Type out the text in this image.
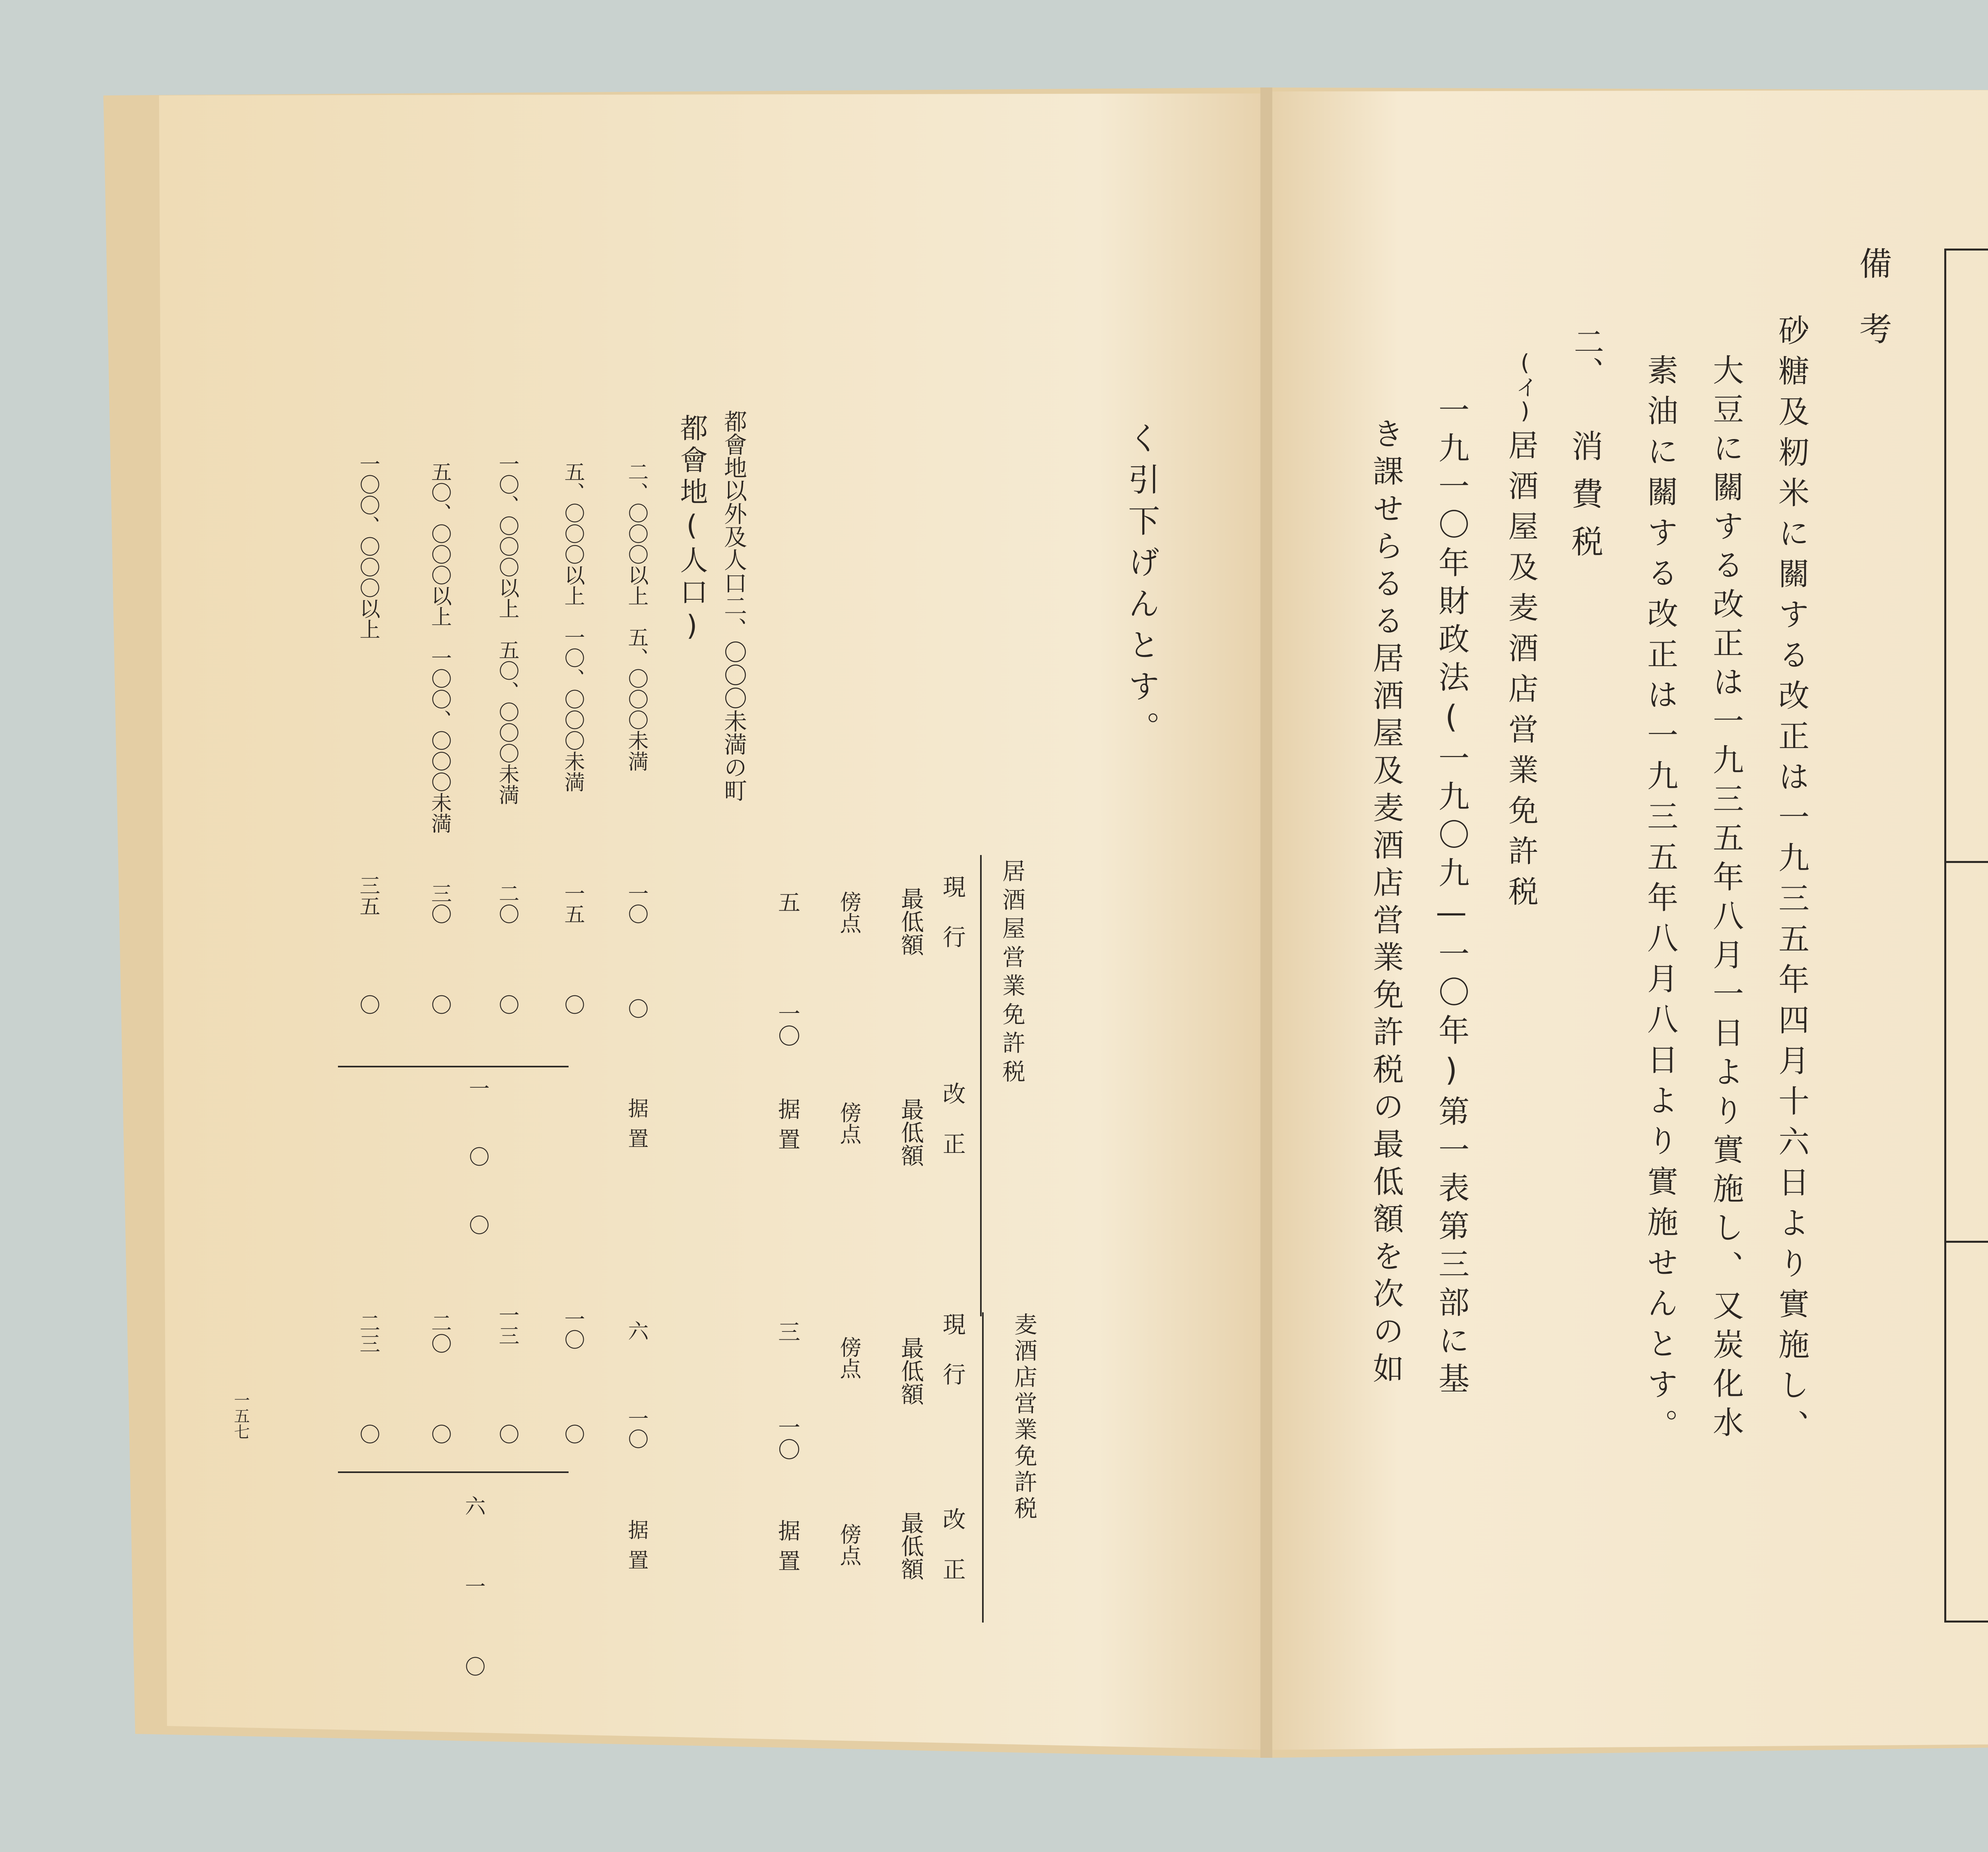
備　考
砂糖及籾米に關する改正は一九三五年四月十六日より實施し、
大豆に關する改正は一九三五年八月一日より實施し、又炭化水
素油に關する改正は一九三五年八月八日より實施せんとす。
二、
消費税
(イ)
居酒屋及麦酒店営業免許税
一九一〇年財政法(一九〇九—一〇年)第一表第三部に基
き課せらるる居酒屋及麦酒店営業免許税の最低額を次の如
く引下げんとす。
居酒屋営業免許税
麦酒店営業免許税
現 行
改 正
最低額
最低額
現 行
改 正
最低額
最低額
傍点
傍点
傍点
傍点
五
一〇
据置
三
一〇
据置
都會地以外及人口二、〇〇〇未満の町
都會地(人口)
二、〇〇〇以上　五、〇〇〇未満
一〇
〇
据置
六
一〇
据置
五、〇〇〇以上　一〇、〇〇〇未満
一五
〇
一〇
〇
一〇、〇〇〇以上　五〇、〇〇〇未満
二〇
〇
一三
〇
五〇、〇〇〇以上　一〇〇、〇〇〇未満
三〇
〇
二〇
〇
一〇〇、〇〇〇以上
三五
〇
二三
〇
一〇〇
六一〇
一五七
